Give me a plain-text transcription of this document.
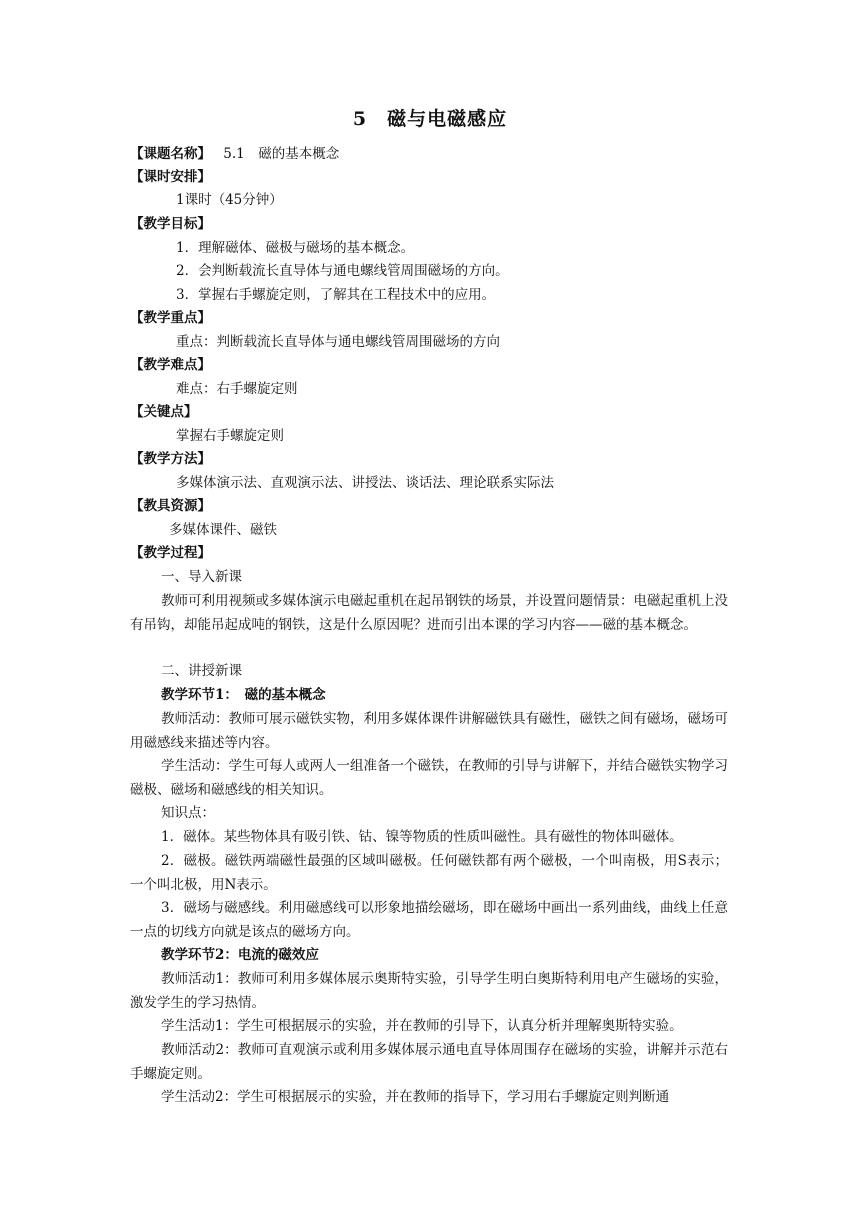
5　磁与电磁感应
【课题名称】 5.1　磁的基本概念
【课时安排】
1课时（45分钟）
【教学目标】
1．理解磁体、磁极与磁场的基本概念。
2．会判断载流长直导体与通电螺线管周围磁场的方向。
3．掌握右手螺旋定则，了解其在工程技术中的应用。
【教学重点】
重点：判断载流长直导体与通电螺线管周围磁场的方向
【教学难点】
难点：右手螺旋定则
【关键点】
掌握右手螺旋定则
【教学方法】
多媒体演示法、直观演示法、讲授法、谈话法、理论联系实际法
【教具资源】
多媒体课件、磁铁
【教学过程】
一、导入新课
教师可利用视频或多媒体演示电磁起重机在起吊钢铁的场景，并设置问题情景：电磁起重机上没有吊钩，却能吊起成吨的钢铁，这是什么原因呢？进而引出本课的学习内容——磁的基本概念。
二、讲授新课
教学环节1：　磁的基本概念
教师活动：教师可展示磁铁实物，利用多媒体课件讲解磁铁具有磁性，磁铁之间有磁场，磁场可用磁感线来描述等内容。
学生活动：学生可每人或两人一组准备一个磁铁，在教师的引导与讲解下，并结合磁铁实物学习磁极、磁场和磁感线的相关知识。
知识点：
1．磁体。某些物体具有吸引铁、钴、镍等物质的性质叫磁性。具有磁性的物体叫磁体。
2．磁极。磁铁两端磁性最强的区域叫磁极。任何磁铁都有两个磁极，一个叫南极，用S表示；一个叫北极，用N表示。
3．磁场与磁感线。利用磁感线可以形象地描绘磁场，即在磁场中画出一系列曲线，曲线上任意一点的切线方向就是该点的磁场方向。
教学环节2：电流的磁效应
教师活动1：教师可利用多媒体展示奥斯特实验，引导学生明白奥斯特利用电产生磁场的实验，激发学生的学习热情。
学生活动1：学生可根据展示的实验，并在教师的引导下，认真分析并理解奥斯特实验。
教师活动2：教师可直观演示或利用多媒体展示通电直导体周围存在磁场的实验，讲解并示范右手螺旋定则。
学生活动2：学生可根据展示的实验，并在教师的指导下，学习用右手螺旋定则判断通
